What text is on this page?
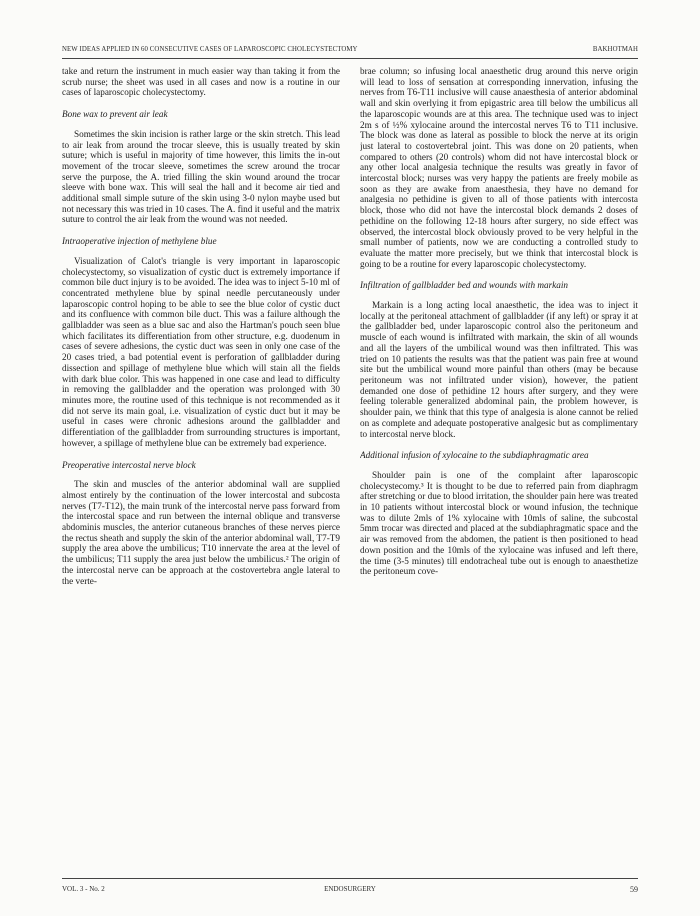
NEW IDEAS APPLIED IN 60 CONSECUTIVE CASES OF LAPAROSCOPIC CHOLECYSTECTOMY	BAKHOTMAH

take and return the instrument in much easier way than taking it from the scrub nurse; the sheet was used in all cases and now is a routine in our cases of laparoscopic cholecystectomy.

Bone wax to prevent air leak

Sometimes the skin incision is rather large or the skin stretch. This lead to air leak from around the trocar sleeve, this is usually treated by skin suture; which is useful in majority of time however, this limits the in-out movement of the trocar sleeve, sometimes the screw around the trocar serve the purpose, the A. tried filling the skin wound around the trocar sleeve with bone wax. This will seal the hall and it become air tied and additional small simple suture of the skin using 3-0 nylon maybe used but not necessary this was tried in 10 cases. The A. find it useful and the matrix suture to control the air leak from the wound was not needed.

Intraoperative injection of methylene blue

Visualization of Calot's triangle is very important in laparoscopic cholecystectomy, so visualization of cystic duct is extremely importance if common bile duct injury is to be avoided. The idea was to inject 5-10 ml of concentrated methylene blue by spinal needle percutaneously under laparoscopic control hoping to be able to see the blue color of cystic duct and its confluence with common bile duct. This was a failure although the gallbladder was seen as a blue sac and also the Hartman's pouch seen blue which facilitates its differentiation from other structure, e.g. duodenum in cases of severe adhesions, the cystic duct was seen in only one case of the 20 cases tried, a bad potential event is perforation of gallbladder during dissection and spillage of methylene blue which will stain all the fields with dark blue color. This was happened in one case and lead to difficulty in removing the gallbladder and the operation was prolonged with 30 minutes more, the routine used of this technique is not recommended as it did not serve its main goal, i.e. visualization of cystic duct but it may be useful in cases were chronic adhesions around the gallbladder and differentiation of the gallbladder from surrounding structures is important, however, a spillage of methylene blue can be extremely bad experience.

Preoperative intercostal nerve block

The skin and muscles of the anterior abdominal wall are supplied almost entirely by the continuation of the lower intercostal and subcosta nerves (T7-T12), the main trunk of the intercostal nerve pass forward from the intercostal space and run between the internal oblique and transverse abdominis muscles, the anterior cutaneous branches of these nerves pierce the rectus sheath and supply the skin of the anterior abdominal wall, T7-T9 supply the area above the umbilicus; T10 innervate the area at the level of the umbilicus; T11 supply the area just below the umbilicus.² The origin of the intercostal nerve can be approach at the costovertebra angle lateral to the verte-

brae column; so infusing local anaesthetic drug around this nerve origin will lead to loss of sensation at corresponding innervation, infusing the nerves from T6-T11 inclusive will cause anaesthesia of anterior abdominal wall and skin overlying it from epigastric area till below the umbilicus all the laparoscopic wounds are at this area. The technique used was to inject 2m s of ½% xylocaine around the intercostal nerves T6 to T11 inclusive. The block was done as lateral as possible to block the nerve at its origin just lateral to costovertebral joint. This was done on 20 patients, when compared to others (20 controls) whom did not have intercostal block or any other local analgesia technique the results was greatly in favor of intercostal block; nurses was very happy the patients are freely mobile as soon as they are awake from anaesthesia, they have no demand for analgesia no pethidine is given to all of those patients with intercosta block, those who did not have the intercostal block demands 2 doses of pethidine on the following 12-18 hours after surgery, no side effect was observed, the intercostal block obviously proved to be very helpful in the small number of patients, now we are conducting a controlled study to evaluate the matter more precisely, but we think that intercostal block is going to be a routine for every laparoscopic cholecystectomy.

Infiltration of gallbladder bed and wounds with markain

Markain is a long acting local anaesthetic, the idea was to inject it locally at the peritoneal attachment of gallbladder (if any left) or spray it at the gallbladder bed, under laparoscopic control also the peritoneum and muscle of each wound is infiltrated with markain, the skin of all wounds and all the layers of the umbilical wound was then infiltrated. This was tried on 10 patients the results was that the patient was pain free at wound site but the umbilical wound more painful than others (may be because peritoneum was not infiltrated under vision), however, the patient demanded one dose of pethidine 12 hours after surgery, and they were feeling tolerable generalized abdominal pain, the problem however, is shoulder pain, we think that this type of analgesia is alone cannot be relied on as complete and adequate postoperative analgesic but as complimentary to intercostal nerve block.

Additional infusion of xylocaine to the subdiaphragmatic area

Shoulder pain is one of the complaint after laparoscopic cholecystecomy.³ It is thought to be due to referred pain from diaphragm after stretching or due to blood irritation, the shoulder pain here was treated in 10 patients without intercostal block or wound infusion, the technique was to dilute 2mls of 1% xylocaine with 10mls of saline, the subcostal 5mm trocar was directed and placed at the subdiaphragmatic space and the air was removed from the abdomen, the patient is then positioned to head down position and the 10mls of the xylocaine was infused and left there, the time (3-5 minutes) till endotracheal tube out is enough to anaesthetize the peritoneum cove-

VOL. 3 - No. 2	ENDOSURGERY	59
